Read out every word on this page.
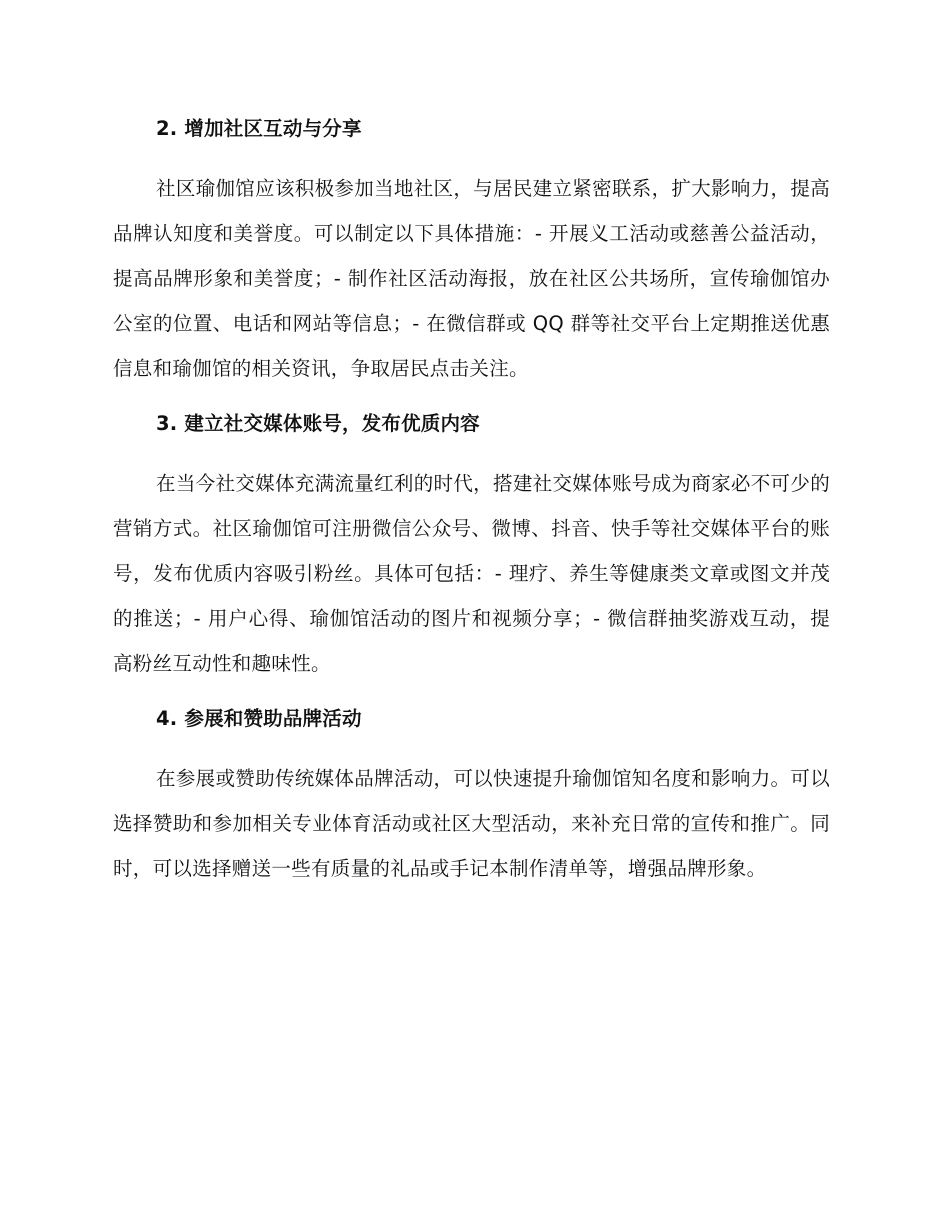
2. 增加社区互动与分享

社区瑜伽馆应该积极参加当地社区，与居民建立紧密联系，扩大影响力，提高品牌认知度和美誉度。可以制定以下具体措施：- 开展义工活动或慈善公益活动，提高品牌形象和美誉度；- 制作社区活动海报，放在社区公共场所，宣传瑜伽馆办公室的位置、电话和网站等信息；- 在微信群或 QQ 群等社交平台上定期推送优惠信息和瑜伽馆的相关资讯，争取居民点击关注。

3. 建立社交媒体账号，发布优质内容

在当今社交媒体充满流量红利的时代，搭建社交媒体账号成为商家必不可少的营销方式。社区瑜伽馆可注册微信公众号、微博、抖音、快手等社交媒体平台的账号，发布优质内容吸引粉丝。具体可包括：- 理疗、养生等健康类文章或图文并茂的推送；- 用户心得、瑜伽馆活动的图片和视频分享；- 微信群抽奖游戏互动，提高粉丝互动性和趣味性。

4. 参展和赞助品牌活动

在参展或赞助传统媒体品牌活动，可以快速提升瑜伽馆知名度和影响力。可以选择赞助和参加相关专业体育活动或社区大型活动，来补充日常的宣传和推广。同时，可以选择赠送一些有质量的礼品或手记本制作清单等，增强品牌形象。
